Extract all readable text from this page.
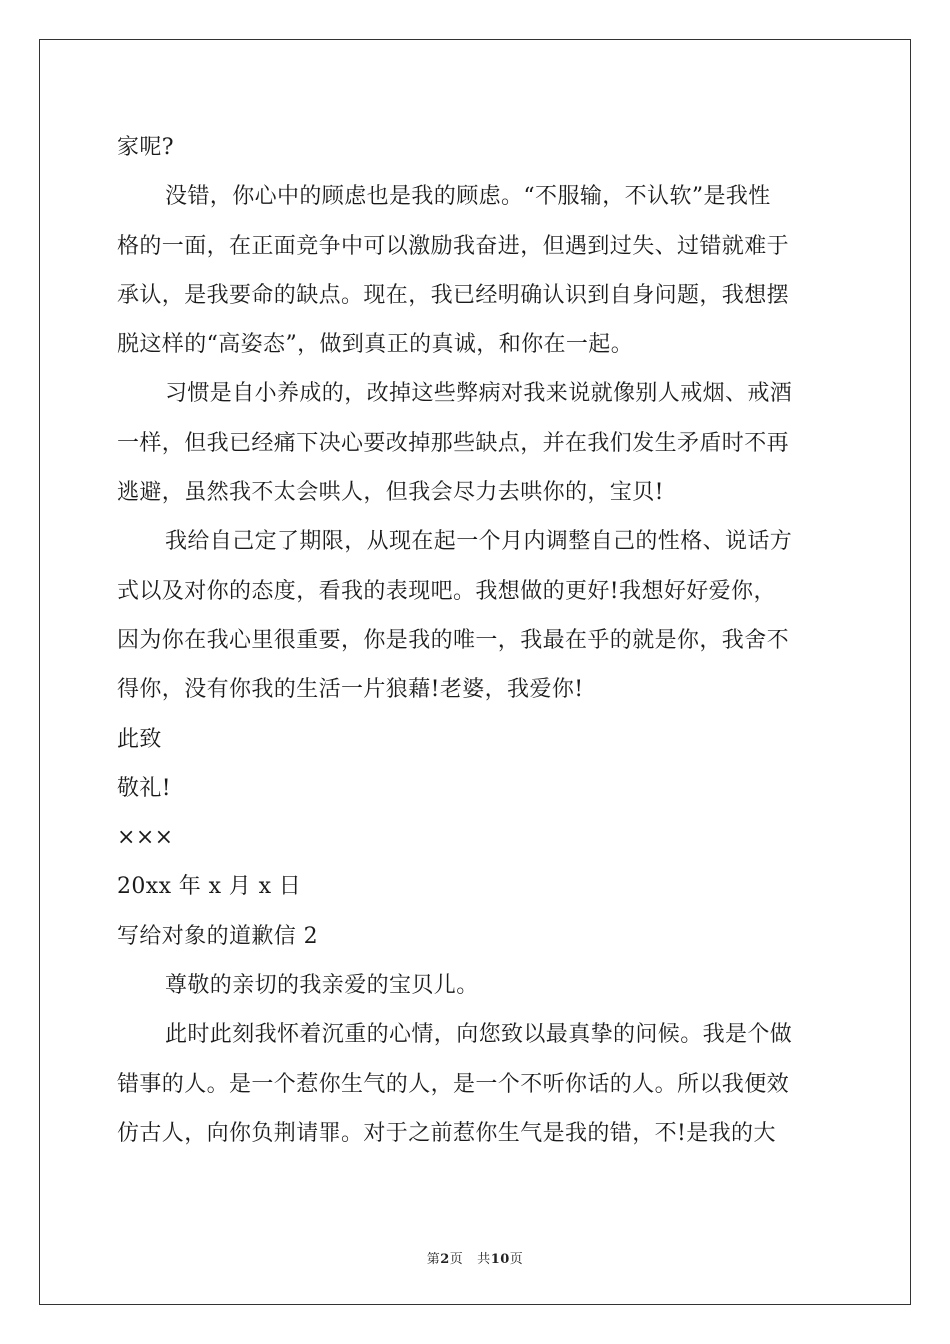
家呢?
没错，你心中的顾虑也是我的顾虑。“不服输，不认软”是我性
格的一面，在正面竞争中可以激励我奋进，但遇到过失、过错就难于
承认，是我要命的缺点。现在，我已经明确认识到自身问题，我想摆
脱这样的“高姿态”，做到真正的真诚，和你在一起。
习惯是自小养成的，改掉这些弊病对我来说就像别人戒烟、戒酒
一样，但我已经痛下决心要改掉那些缺点，并在我们发生矛盾时不再
逃避，虽然我不太会哄人，但我会尽力去哄你的，宝贝!
我给自己定了期限，从现在起一个月内调整自己的性格、说话方
式以及对你的态度，看我的表现吧。我想做的更好!我想好好爱你，
因为你在我心里很重要，你是我的唯一，我最在乎的就是你，我舍不
得你，没有你我的生活一片狼藉!老婆，我爱你!
此致
敬礼!
×××
20xx 年 x 月 x 日
写给对象的道歉信 2
尊敬的亲切的我亲爱的宝贝儿。
此时此刻我怀着沉重的心情，向您致以最真挚的问候。我是个做
错事的人。是一个惹你生气的人，是一个不听你话的人。所以我便效
仿古人，向你负荆请罪。对于之前惹你生气是我的错，不!是我的大
第2页 共10页
